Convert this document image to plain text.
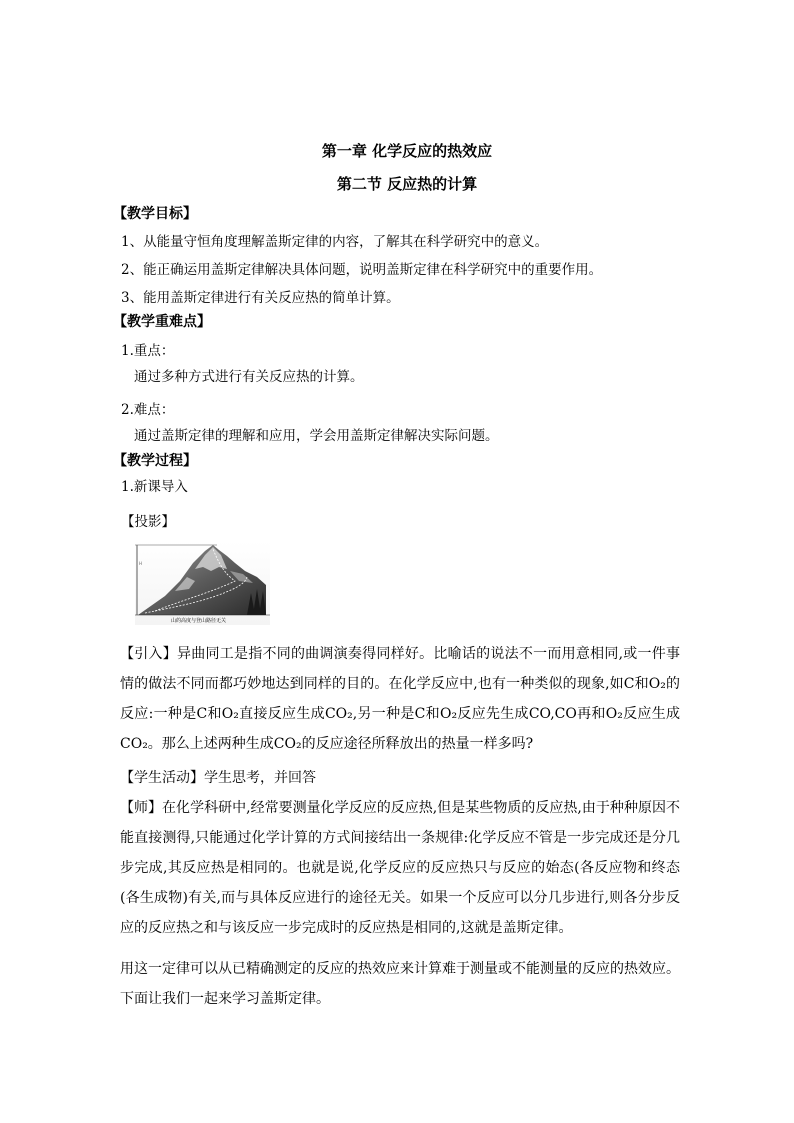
第一章 化学反应的热效应
第二节 反应热的计算
【教学目标】
1、从能量守恒角度理解盖斯定律的内容，了解其在科学研究中的意义。
2、能正确运用盖斯定律解决具体问题，说明盖斯定律在科学研究中的重要作用。
3、能用盖斯定律进行有关反应热的简单计算。
【教学重难点】
1.重点：
通过多种方式进行有关反应热的计算。
2.难点：
通过盖斯定律的理解和应用，学会用盖斯定律解决实际问题。
【教学过程】
1.新课导入
【投影】
H
山的高度与登山路径无关
【引入】异曲同工是指不同的曲调演奏得同样好。比喻话的说法不一而用意相同,或一件事情的做法不同而都巧妙地达到同样的目的。在化学反应中,也有一种类似的现象,如C和O₂的反应:一种是C和O₂直接反应生成CO₂,另一种是C和O₂反应先生成CO,CO再和O₂反应生成CO₂。那么上述两种生成CO₂的反应途径所释放出的热量一样多吗?
【学生活动】学生思考，并回答
【师】在化学科研中,经常要测量化学反应的反应热,但是某些物质的反应热,由于种种原因不能直接测得,只能通过化学计算的方式间接结出一条规律:化学反应不管是一步完成还是分几步完成,其反应热是相同的。也就是说,化学反应的反应热只与反应的始态(各反应物和终态(各生成物)有关,而与具体反应进行的途径无关。如果一个反应可以分几步进行,则各分步反应的反应热之和与该反应一步完成时的反应热是相同的,这就是盖斯定律。
用这一定律可以从已精确测定的反应的热效应来计算难于测量或不能测量的反应的热效应。下面让我们一起来学习盖斯定律。
